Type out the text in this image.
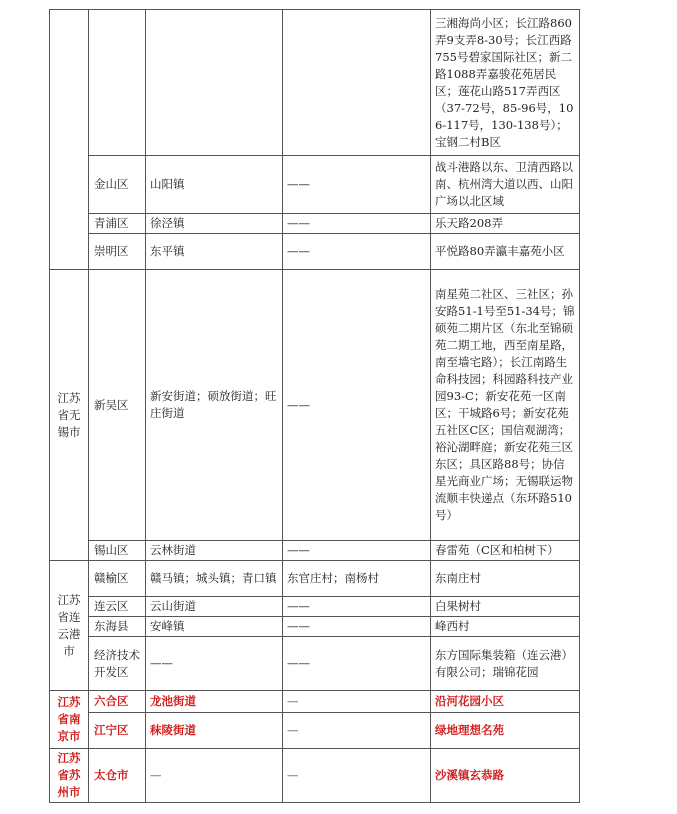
				三湘海尚小区；长江路860弄9支弄8-30号；长江西路755号碧家国际社区；新二路1088弄嘉骏花苑居民区；莲花山路517弄西区（37-72号，85-96号，106-117号，130-138号）；宝钢二村B区
	金山区	山阳镇	——	战斗港路以东、卫清西路以南、杭州湾大道以西、山阳广场以北区域
	青浦区	徐泾镇	——	乐天路208弄
	崇明区	东平镇	——	平悦路80弄瀛丰嘉苑小区
江苏省无锡市	新吴区	新安街道；硕放街道；旺庄街道	——	南星苑二社区、三社区；孙安路51-1号至51-34号；锦硕苑二期片区（东北至锦硕苑二期工地，西至南星路，南至墙宅路）；长江南路生命科技园；科园路科技产业园93-C；新安花苑一区南区；干城路6号；新安花苑五社区C区；国信观湖湾；裕沁湖畔庭；新安花苑三区东区；具区路88号；协信星光商业广场；无锡联运物流顺丰快递点（东环路510号）
	锡山区	云林街道	——	春雷苑（C区和柏树下）
江苏省连云港市	赣榆区	赣马镇；城头镇；青口镇	东官庄村；南杨村	东南庄村
	连云区	云山街道	——	白果树村
	东海县	安峰镇	——	峰西村
	经济技术开发区	——	——	东方国际集装箱（连云港）有限公司；瑞锦花园
江苏省南京市	六合区	龙池街道	—	沿河花园小区
	江宁区	秣陵街道	—	绿地理想名苑
江苏省苏州市	太仓市	—	—	沙溪镇玄恭路
